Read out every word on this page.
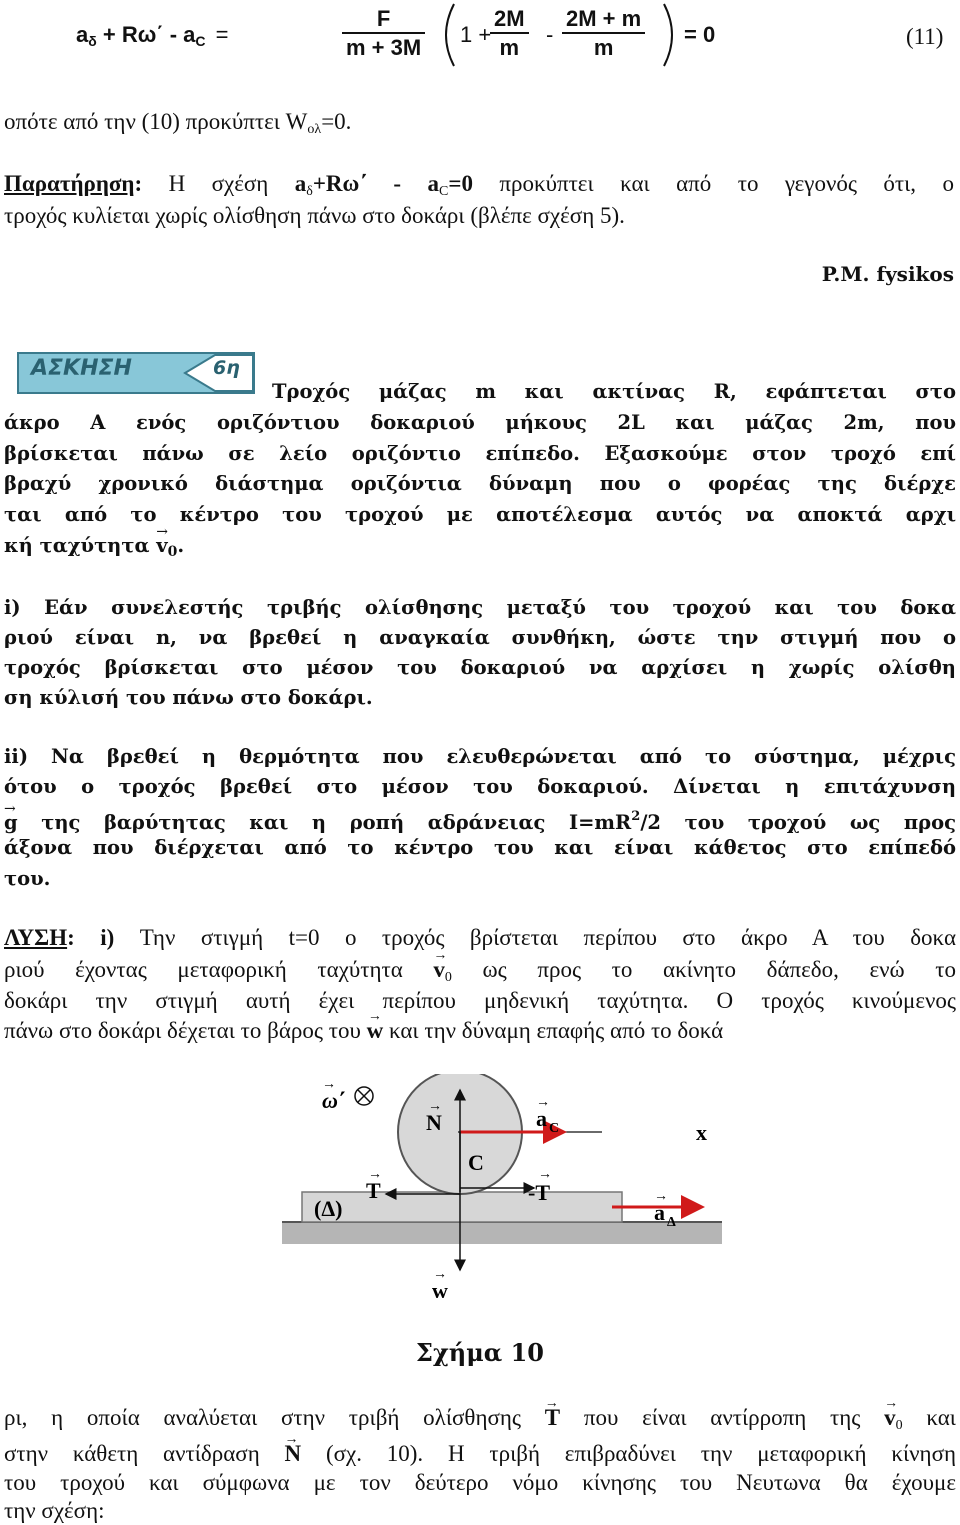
$a_\delta + R\omega΄ - a_C$ =	$\frac{F}{m + 3M} 1$ +
$\frac{2M}{m} - \frac{2M + m}{m} = 0$	(11)
οπότε από την (10) προκύπτει $W_{o\lambda}=0$.
Παρατήρηση: Η σχέση $a_\delta+R\omega΄ - a_C=0$ προκύπτει και από το γεγονός ότι, ο
τροχός κυλίεται χωρίς ολίσθηση πάνω στο δοκάρι (βλέπε σχέση 5).
P.M. fysikos
ΑΣΚΗΣΗ	6η
Τροχός μάζας m και ακτίνας R, εφάπτεται στο
άκρο Α ενός οριζόντιου δοκαριού μήκους 2L και μάζας 2m, που
βρίσκεται πάνω σε λείο οριζόντιο επίπεδο. Εξασκούμε στον τροχό επί
βραχύ χρονικό διάστημα οριζόντια δύναμη που ο φορέας της διέρχε
ται από το κέντρο του τροχού με αποτέλεσμα αυτός να αποκτά αρχι
κή $\tau\alpha\chi ύ\tau\eta\tau\alpha \to v_0$.
i) Εάν συνελεστής τριβής ολίσθησης μεταξύ του τροχού και του δοκα
ριού είναι n, να βρεθεί η αναγκαία συνθήκη, ώστε την στιγμή που ο
τροχός βρίσκεται στο μέσον του δοκαριού να αρχίσει η χωρίς ολίσθη
ση κύλισή του πάνω στο δοκάρι.
ii) Να βρεθεί η θερμότητα που ελευθερώνεται από το σύστημα, μέχρις
ότου ο τροχός βρεθεί στο μέσον του δοκαριού. Δίνεται η επιτάχυνση
→ g της βαρύτητας και η ροπή αδράνειας $I=mR^2/2$ του τροχού ως προς
άξονα που διέρχεται από το κέντρο του και είναι κάθετος στο επίπεδό
του.
ΛΥΣΗ: i) Την στιγμή t=0 ο τροχός βρίστεται περίπου στο άκρο Α του δοκα
ριού έχοντας μεταφορική $\tau\alpha\chi ύ\tau\eta\tau\alpha \to v_0$ ως προς το ακίνητο δάπεδο, ενώ το
δοκάρι την στιγμή αυτή έχει περίπου μηδενική ταχύτητα. Ο τροχός κινούμενος
πάνω στο δοκάρι δέχεται το βάρος του → w και την δύναμη επαφής από το δοκά
ω΄
→
N
→	a C
→
x
C
T
→
-T
→
a Δ
→
(Δ)
w
→
Σχήμα 10
ρι, η οποία αναλύεται στην τριβή ολίσθησης → T που είναι αντίρροπη $\tau\eta\varsigma \to v_0$ και
στην κάθετη αντίδραση → N (σχ. 10). Η τριβή επιβραδύνει την μεταφορική κίνηση
του τροχού και σύμφωνα με τον δεύτερο νόμο κίνησης του Νευτωνα θα έχουμε
την σχέση:
